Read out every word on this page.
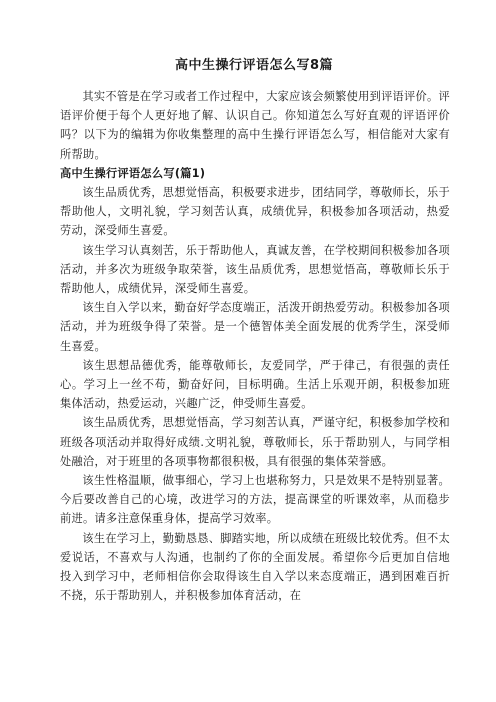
高中生操行评语怎么写8篇

其实不管是在学习或者工作过程中，大家应该会频繁使用到评语评价。评语评价便于每个人更好地了解、认识自己。你知道怎么写好直观的评语评价吗？以下为的编辑为你收集整理的高中生操行评语怎么写，相信能对大家有所帮助。

高中生操行评语怎么写(篇1)

该生品质优秀，思想觉悟高，积极要求进步，团结同学，尊敬师长，乐于帮助他人，文明礼貌，学习刻苦认真，成绩优异，积极参加各项活动，热爱劳动，深受师生喜爱。

该生学习认真刻苦，乐于帮助他人，真诚友善，在学校期间积极参加各项活动，并多次为班级争取荣誉，该生品质优秀，思想觉悟高，尊敬师长乐于帮助他人，成绩优异，深受师生喜爱。

该生自入学以来，勤奋好学态度端正，活泼开朗热爱劳动。积极参加各项活动，并为班级争得了荣誉。是一个德智体美全面发展的优秀学生，深受师生喜爱。

该生思想品德优秀，能尊敬师长，友爱同学，严于律己，有很强的责任心。学习上一丝不苟，勤奋好问，目标明确。生活上乐观开朗，积极参加班集体活动，热爱运动，兴趣广泛，伸受师生喜爱。

该生品质优秀，思想觉悟高，学习刻苦认真，严谨守纪，积极参加学校和班级各项活动并取得好成绩.文明礼貌，尊敬师长，乐于帮助别人，与同学相处融洽，对于班里的各项事物都很积极，具有很强的集体荣誉感。

该生性格温顺，做事细心，学习上也堪称努力，只是效果不是特别显著。今后要改善自己的心境，改进学习的方法，提高课堂的听课效率，从而稳步前进。请多注意保重身体，提高学习效率。

该生在学习上，勤勤恳恳、脚踏实地，所以成绩在班级比较优秀。但不太爱说话，不喜欢与人沟通，也制约了你的全面发展。希望你今后更加自信地投入到学习中，老师相信你会取得该生自入学以来态度端正，遇到困难百折不挠，乐于帮助别人，并积极参加体育活动，在
